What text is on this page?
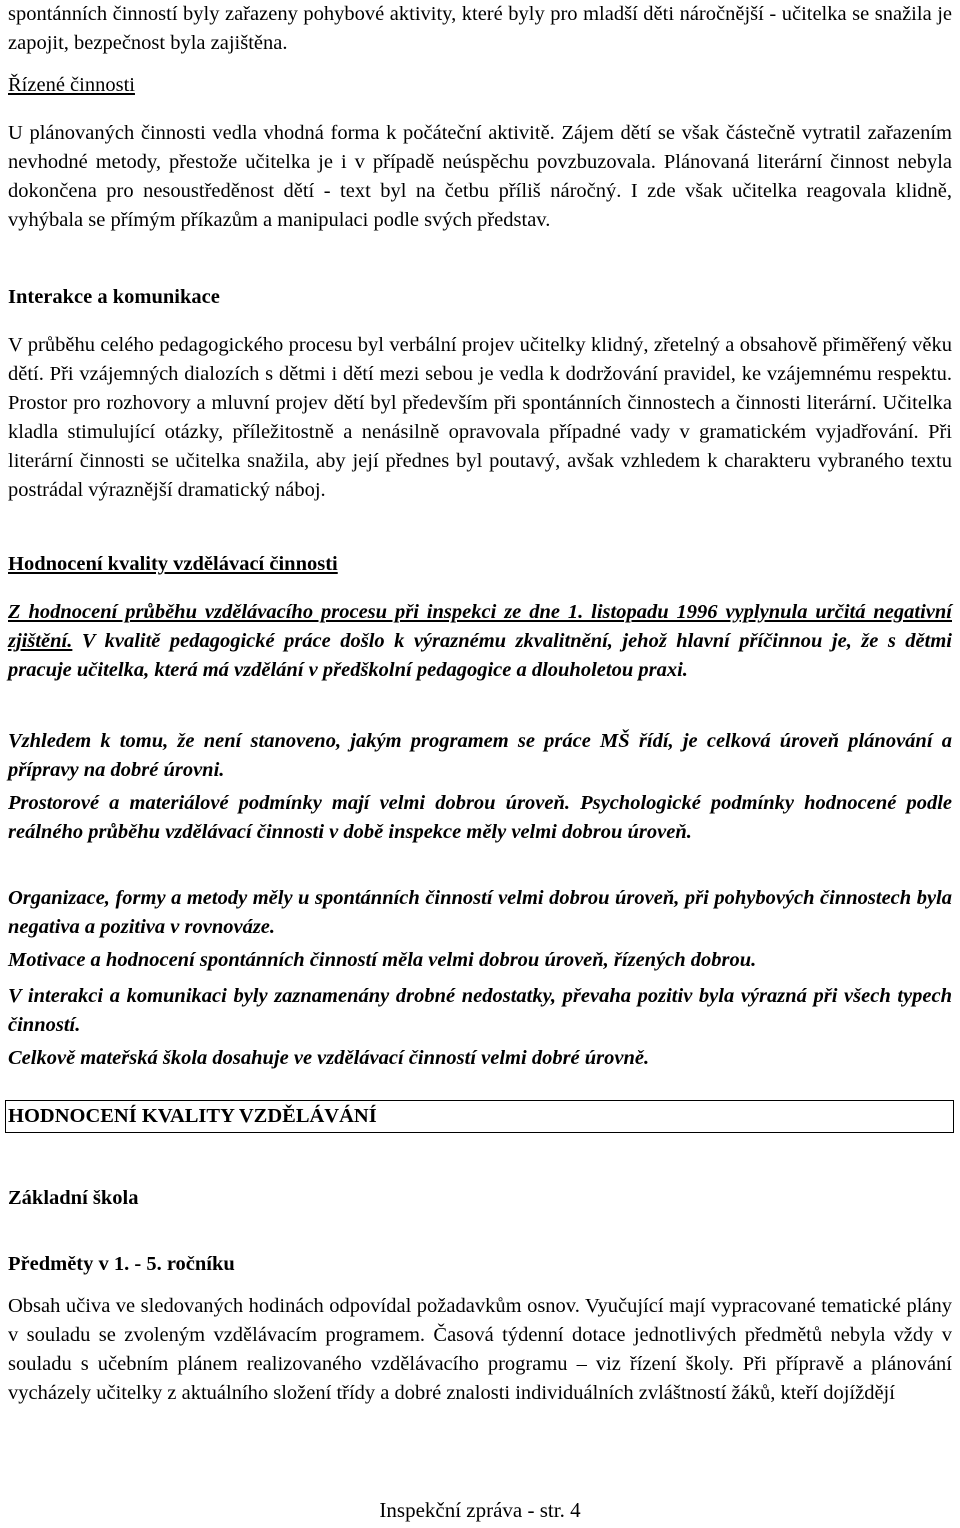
spontánních činností byly zařazeny pohybové aktivity, které byly pro mladší děti náročnější - učitelka se snažila je zapojit, bezpečnost byla zajištěna.

Řízené činnosti

U plánovaných činnosti vedla vhodná forma k počáteční aktivitě. Zájem dětí se však částečně vytratil zařazením nevhodné metody, přestože učitelka je i v případě neúspěchu povzbuzovala. Plánovaná literární činnost nebyla dokončena pro nesoustředěnost dětí - text byl na četbu příliš náročný. I zde však učitelka reagovala klidně, vyhýbala se přímým příkazům a manipulaci podle svých představ.

Interakce a komunikace

V průběhu celého pedagogického procesu byl verbální projev učitelky klidný, zřetelný a obsahově přiměřený věku dětí. Při vzájemných dialozích s dětmi i dětí mezi sebou je vedla k dodržování pravidel, ke vzájemnému respektu. Prostor pro rozhovory a mluvní projev dětí byl především při spontánních činnostech a činnosti literární. Učitelka kladla stimulující otázky, příležitostně a nenásilně opravovala případné vady v gramatickém vyjadřování. Při literární činnosti se učitelka snažila, aby její přednes byl poutavý, avšak vzhledem k charakteru vybraného textu postrádal výraznější dramatický náboj.

Hodnocení kvality vzdělávací činnosti

Z hodnocení průběhu vzdělávacího procesu při inspekci ze dne 1. listopadu 1996 vyplynula určitá negativní zjištění. V kvalitě pedagogické práce došlo k výraznému zkvalitnění, jehož hlavní příčinnou je, že s dětmi pracuje učitelka, která má vzdělání v předškolní pedagogice a dlouholetou praxi.

Vzhledem k tomu, že není stanoveno, jakým programem se práce MŠ řídí, je celková úroveň plánování a přípravy na dobré úrovni.

Prostorové a materiálové podmínky mají velmi dobrou úroveň. Psychologické podmínky hodnocené podle reálného průběhu vzdělávací činnosti v době inspekce měly velmi dobrou úroveň.

Organizace, formy a metody měly u spontánních činností velmi dobrou úroveň, při pohybových činnostech byla negativa a pozitiva v rovnováze.

Motivace a hodnocení spontánních činností měla velmi dobrou úroveň, řízených dobrou.

V interakci a komunikaci byly zaznamenány drobné nedostatky, převaha pozitiv byla výrazná při všech typech činností.

Celkově mateřská škola dosahuje ve vzdělávací činností velmi dobré úrovně.

HODNOCENÍ KVALITY VZDĚLÁVÁNÍ

Základní škola

Předměty v 1. - 5. ročníku

Obsah učiva ve sledovaných hodinách odpovídal požadavkům osnov. Vyučující mají vypracované tematické plány v souladu se zvoleným vzdělávacím programem. Časová týdenní dotace jednotlivých předmětů nebyla vždy v souladu s učebním plánem realizovaného vzdělávacího programu – viz řízení školy. Při přípravě a plánování vycházely učitelky z aktuálního složení třídy a dobré znalosti individuálních zvláštností žáků, kteří dojíždějí

Inspekční zpráva - str. 4
